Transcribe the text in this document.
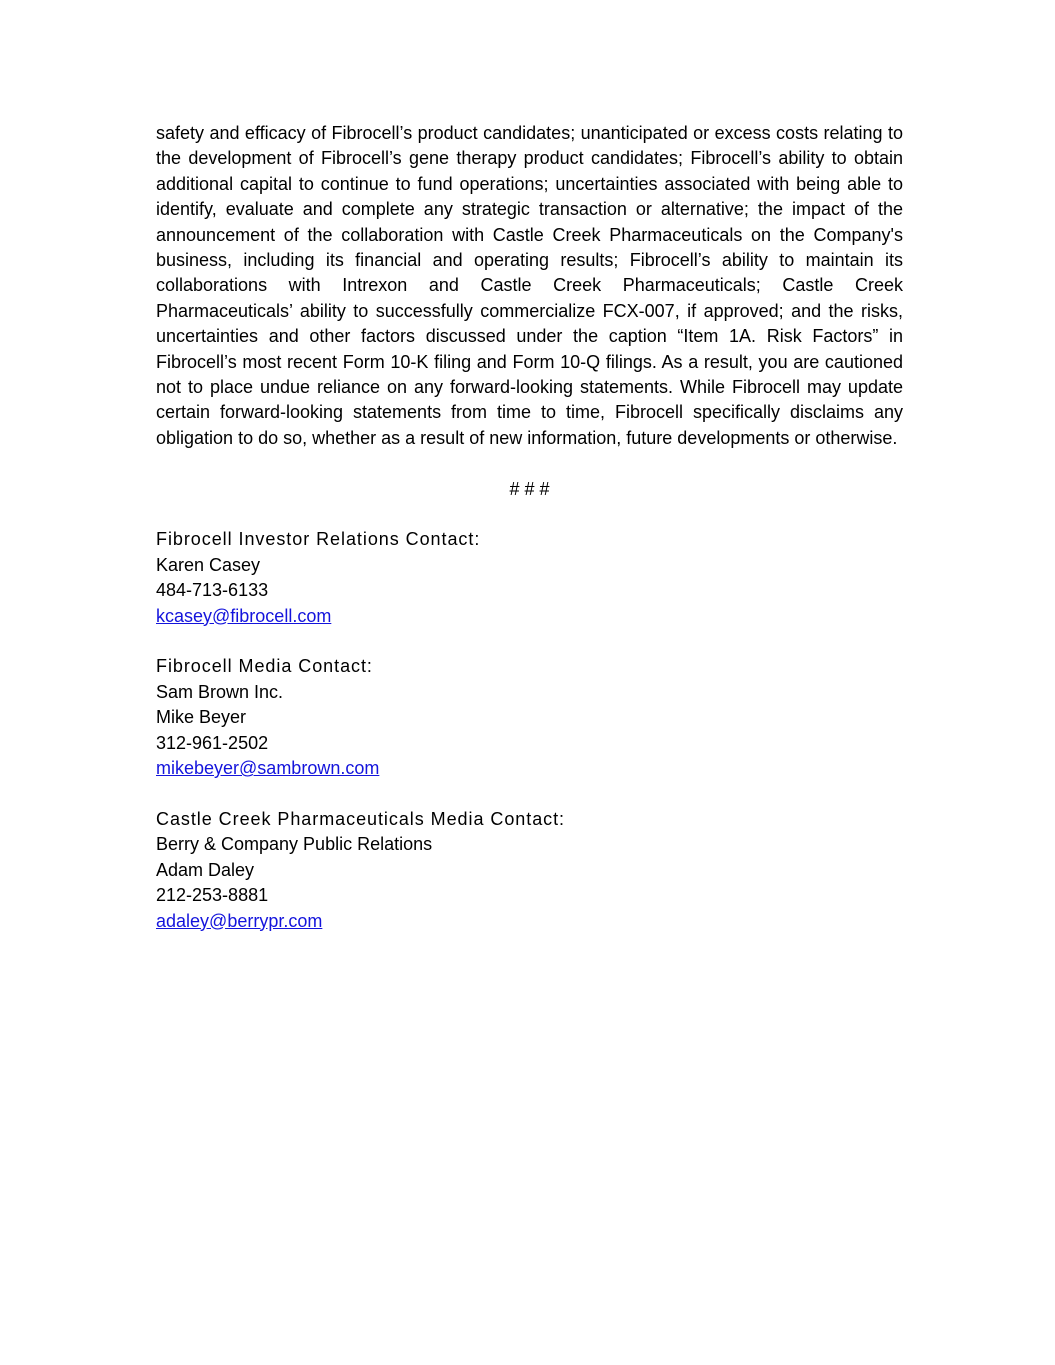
safety and efficacy of Fibrocell’s product candidates; unanticipated or excess costs relating to the development of Fibrocell’s gene therapy product candidates; Fibrocell’s ability to obtain additional capital to continue to fund operations; uncertainties associated with being able to identify, evaluate and complete any strategic transaction or alternative; the impact of the announcement of the collaboration with Castle Creek Pharmaceuticals on the Company's business, including its financial and operating results; Fibrocell’s ability to maintain its collaborations with Intrexon and Castle Creek Pharmaceuticals; Castle Creek Pharmaceuticals’ ability to successfully commercialize FCX-007, if approved; and the risks, uncertainties and other factors discussed under the caption “Item 1A. Risk Factors” in Fibrocell’s most recent Form 10-K filing and Form 10-Q filings. As a result, you are cautioned not to place undue reliance on any forward-looking statements. While Fibrocell may update certain forward-looking statements from time to time, Fibrocell specifically disclaims any obligation to do so, whether as a result of new information, future developments or otherwise.

# # #

Fibrocell Investor Relations Contact:

Karen Casey

484-713-6133

kcasey@fibrocell.com

Fibrocell Media Contact:

Sam Brown Inc.

Mike Beyer

312-961-2502

mikebeyer@sambrown.com

Castle Creek Pharmaceuticals Media Contact:

Berry & Company Public Relations

Adam Daley

212-253-8881

adaley@berrypr.com
